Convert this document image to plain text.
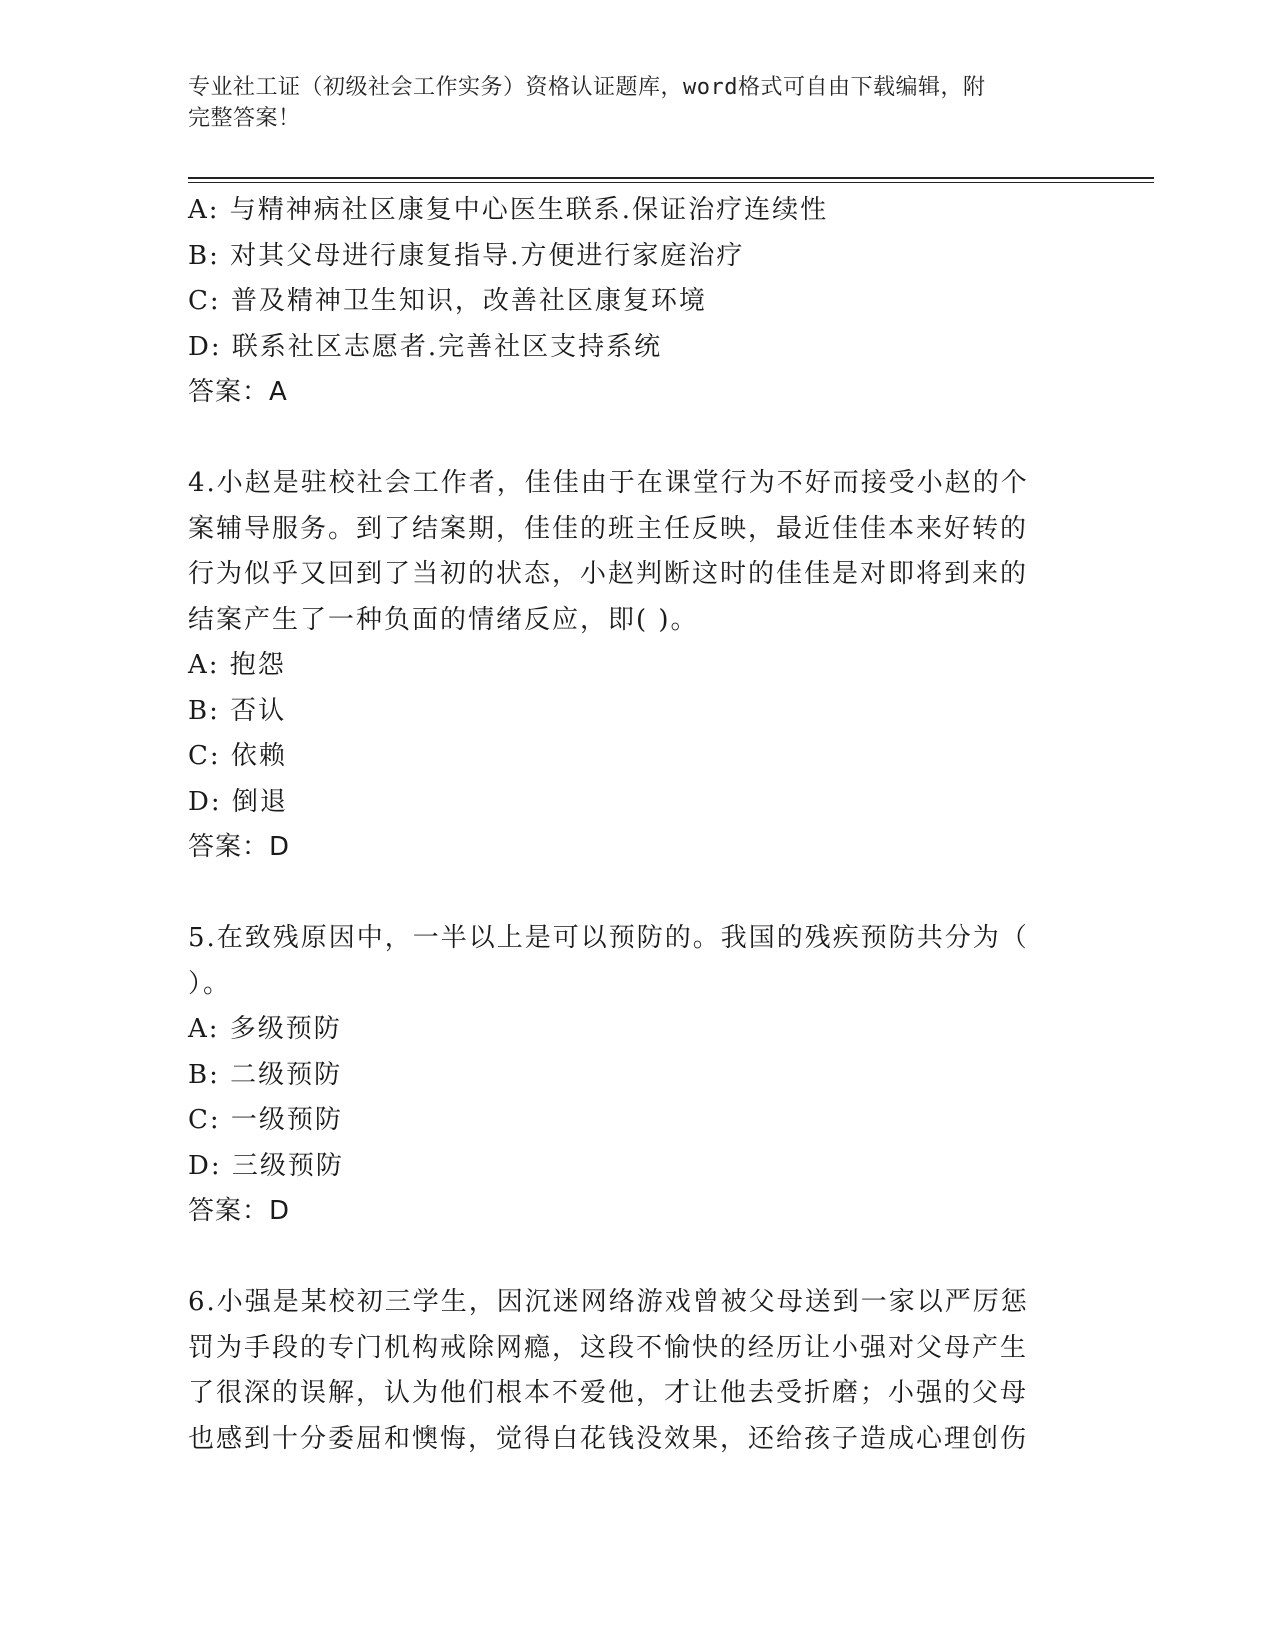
专业社工证（初级社会工作实务）资格认证题库，word格式可自由下载编辑，附
完整答案！
A: 与精神病社区康复中心医生联系.保证治疗连续性
B: 对其父母进行康复指导.方便进行家庭治疗
C: 普及精神卫生知识，改善社区康复环境
D: 联系社区志愿者.完善社区支持系统
答案：A
4.小赵是驻校社会工作者，佳佳由于在课堂行为不好而接受小赵的个
案辅导服务。到了结案期，佳佳的班主任反映，最近佳佳本来好转的
行为似乎又回到了当初的状态，小赵判断这时的佳佳是对即将到来的
结案产生了一种负面的情绪反应，即( )。
A: 抱怨
B: 否认
C: 依赖
D: 倒退
答案：D
5.在致残原因中，一半以上是可以预防的。我国的残疾预防共分为（
）。
A: 多级预防
B: 二级预防
C: 一级预防
D: 三级预防
答案：D
6.小强是某校初三学生，因沉迷网络游戏曾被父母送到一家以严厉惩
罚为手段的专门机构戒除网瘾，这段不愉快的经历让小强对父母产生
了很深的误解，认为他们根本不爱他，才让他去受折磨；小强的父母
也感到十分委屈和懊悔，觉得白花钱没效果，还给孩子造成心理创伤
